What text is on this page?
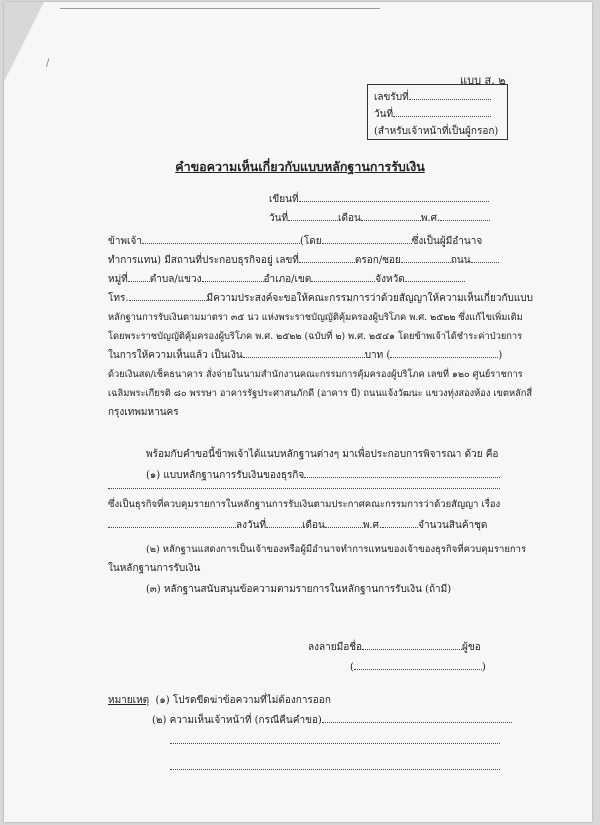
/
แบบ ส. ๒
เลขรับที่
วันที่
(สำหรับเจ้าหน้าที่เป็นผู้กรอก)
คำขอความเห็นเกี่ยวกับแบบหลักฐานการรับเงิน
เขียนที่
วันที่	เดือน	พ.ศ.
ข้าพเจ้า	(โดย	ซึ่งเป็นผู้มีอำนาจ
ทำการแทน) มีสถานที่ประกอบธุรกิจอยู่ เลขที่	ตรอก/ซอย	ถนน
หมู่ที่ ตำบล/แขวง	อำเภอ/เขต	จังหวัด
โทร.	มีความประสงค์จะขอให้คณะกรรมการว่าด้วยสัญญาให้ความเห็นเกี่ยวกับแบบ
หลักฐานการรับเงินตามมาตรา ๓๕ นว แห่งพระราชบัญญัติคุ้มครองผู้บริโภค พ.ศ. ๒๕๒๒ ซึ่งแก้ไขเพิ่มเติม
โดยพระราชบัญญัติคุ้มครองผู้บริโภค พ.ศ. ๒๕๒๒ (ฉบับที่ ๒) พ.ศ. ๒๕๔๑ โดยข้าพเจ้าได้ชำระค่าป่วยการ
ในการให้ความเห็นแล้ว เป็นเงิน	บาท (	)
ด้วยเงินสด/เช็คธนาคาร สั่งจ่ายในนามสำนักงานคณะกรรมการคุ้มครองผู้บริโภค เลขที่ ๑๒๐ ศูนย์ราชการ
เฉลิมพระเกียรติ ๘๐ พรรษา อาคารรัฐประศาสนภักดี (อาคาร บี) ถนนแจ้งวัฒนะ แขวงทุ่งสองห้อง เขตหลักสี่
กรุงเทพมหานคร
พร้อมกับคำขอนี้ข้าพเจ้าได้แนบหลักฐานต่างๆ มาเพื่อประกอบการพิจารณา ด้วย คือ
(๑) แบบหลักฐานการรับเงินของธุรกิจ
ซึ่งเป็นธุรกิจที่ควบคุมรายการในหลักฐานการรับเงินตามประกาศคณะกรรมการว่าด้วยสัญญา เรื่อง
ลงวันที่	เดือน	พ.ศ.	จำนวนสินค้าชุด
(๒) หลักฐานแสดงการเป็นเจ้าของหรือผู้มีอำนาจทำการแทนของเจ้าของธุรกิจที่ควบคุมรายการ
ในหลักฐานการรับเงิน
(๓) หลักฐานสนับสนุนข้อความตามรายการในหลักฐานการรับเงิน (ถ้ามี)
ลงลายมือชื่อ	ผู้ขอ
(	)
หมายเหตุ (๑) โปรดขีดฆ่าข้อความที่ไม่ต้องการออก
(๒) ความเห็นเจ้าหน้าที่ (กรณีคืนคำขอ)
